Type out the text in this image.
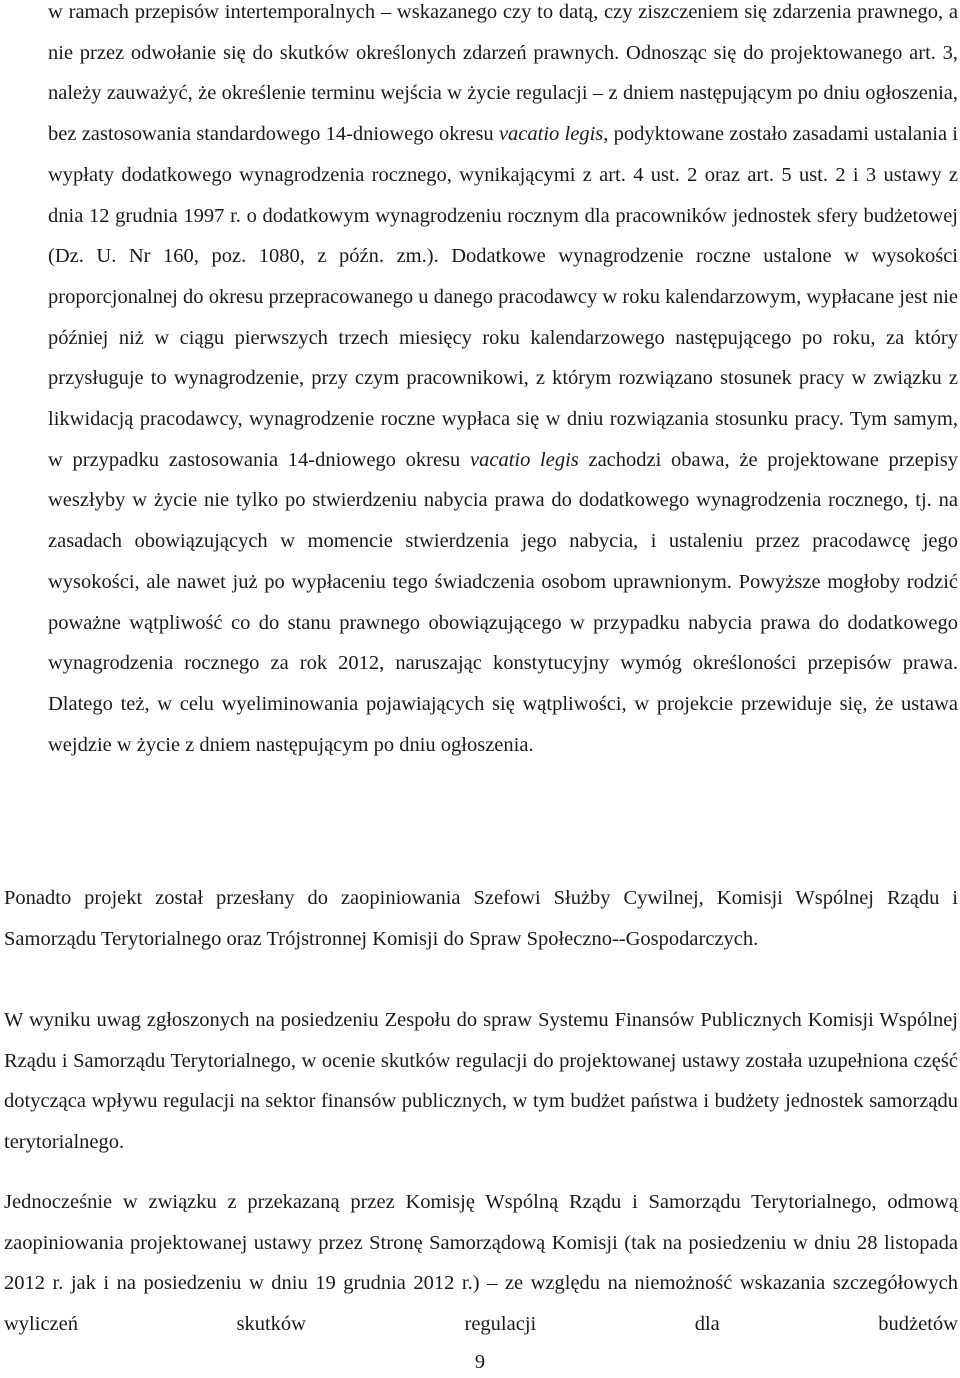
w ramach przepisów intertemporalnych – wskazanego czy to datą, czy ziszczeniem się zdarzenia prawnego, a nie przez odwołanie się do skutków określonych zdarzeń prawnych. Odnosząc się do projektowanego art. 3, należy zauważyć, że określenie terminu wejścia w życie regulacji – z dniem następującym po dniu ogłoszenia, bez zastosowania standardowego 14-dniowego okresu vacatio legis, podyktowane zostało zasadami ustalania i wypłaty dodatkowego wynagrodzenia rocznego, wynikającymi z art. 4 ust. 2 oraz art. 5 ust. 2 i 3 ustawy z dnia 12 grudnia 1997 r. o dodatkowym wynagrodzeniu rocznym dla pracowników jednostek sfery budżetowej (Dz. U. Nr 160, poz. 1080, z późn. zm.). Dodatkowe wynagrodzenie roczne ustalone w wysokości proporcjonalnej do okresu przepracowanego u danego pracodawcy w roku kalendarzowym, wypłacane jest nie później niż w ciągu pierwszych trzech miesięcy roku kalendarzowego następującego po roku, za który przysługuje to wynagrodzenie, przy czym pracownikowi, z którym rozwiązano stosunek pracy w związku z likwidacją pracodawcy, wynagrodzenie roczne wypłaca się w dniu rozwiązania stosunku pracy. Tym samym, w przypadku zastosowania 14-dniowego okresu vacatio legis zachodzi obawa, że projektowane przepisy weszłyby w życie nie tylko po stwierdzeniu nabycia prawa do dodatkowego wynagrodzenia rocznego, tj. na zasadach obowiązujących w momencie stwierdzenia jego nabycia, i ustaleniu przez pracodawcę jego wysokości, ale nawet już po wypłaceniu tego świadczenia osobom uprawnionym. Powyższe mogłoby rodzić poważne wątpliwość co do stanu prawnego obowiązującego w przypadku nabycia prawa do dodatkowego wynagrodzenia rocznego za rok 2012, naruszając konstytucyjny wymóg określoności przepisów prawa. Dlatego też, w celu wyeliminowania pojawiających się wątpliwości, w projekcie przewiduje się, że ustawa wejdzie w życie z dniem następującym po dniu ogłoszenia.

Ponadto projekt został przesłany do zaopiniowania Szefowi Służby Cywilnej, Komisji Wspólnej Rządu i Samorządu Terytorialnego oraz Trójstronnej Komisji do Spraw Społeczno--Gospodarczych.

W wyniku uwag zgłoszonych na posiedzeniu Zespołu do spraw Systemu Finansów Publicznych Komisji Wspólnej Rządu i Samorządu Terytorialnego, w ocenie skutków regulacji do projektowanej ustawy została uzupełniona część dotycząca wpływu regulacji na sektor finansów publicznych, w tym budżet państwa i budżety jednostek samorządu terytorialnego.

Jednocześnie w związku z przekazaną przez Komisję Wspólną Rządu i Samorządu Terytorialnego, odmową zaopiniowania projektowanej ustawy przez Stronę Samorządową Komisji (tak na posiedzeniu w dniu 28 listopada 2012 r. jak i na posiedzeniu w dniu 19 grudnia 2012 r.) – ze względu na niemożność wskazania szczegółowych wyliczeń skutków regulacji dla budżetów

9
